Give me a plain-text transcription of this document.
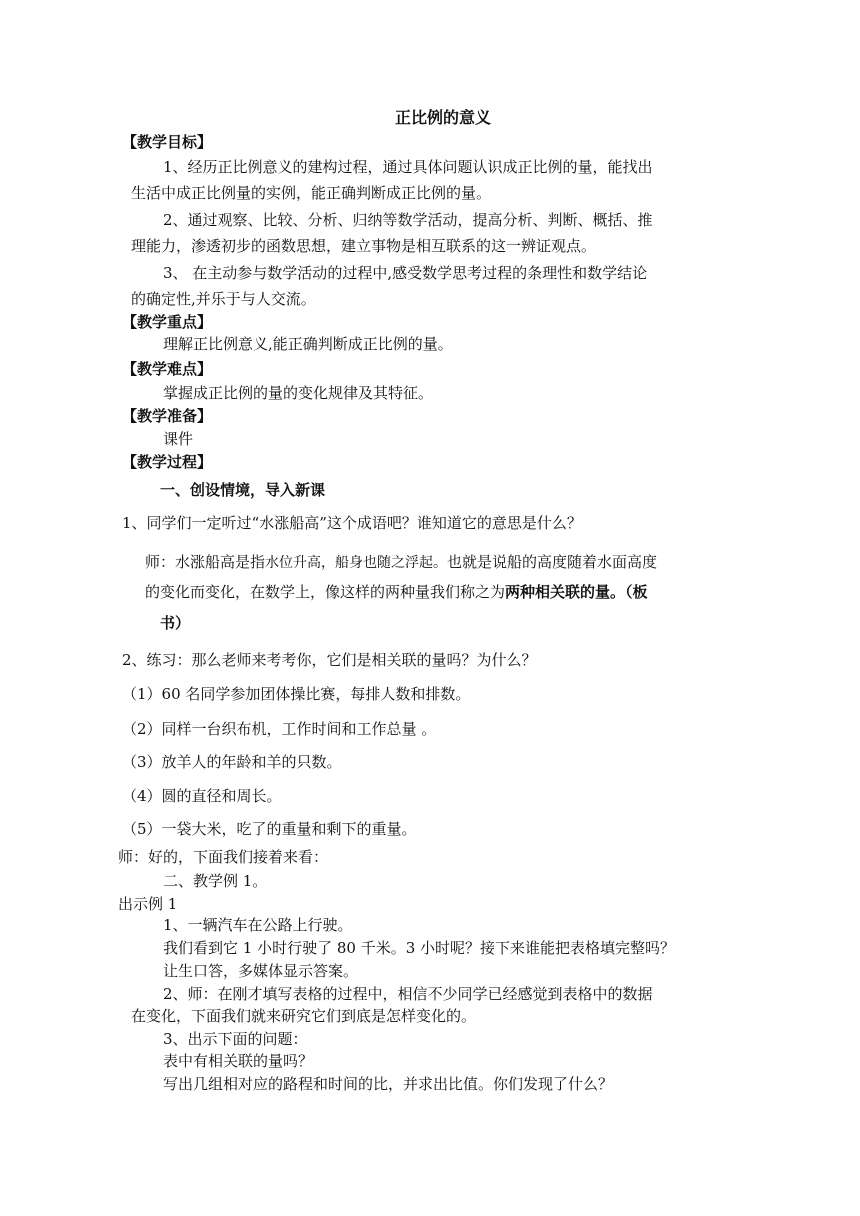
正比例的意义
【教学目标】
1、经历正比例意义的建构过程，通过具体问题认识成正比例的量，能找出
生活中成正比例量的实例，能正确判断成正比例的量。
2、通过观察、比较、分析、归纳等数学活动，提高分析、判断、概括、推
理能力，渗透初步的函数思想，建立事物是相互联系的这一辨证观点。
3、 在主动参与数学活动的过程中,感受数学思考过程的条理性和数学结论
的确定性,并乐于与人交流。
【教学重点】
理解正比例意义,能正确判断成正比例的量。
【教学难点】
掌握成正比例的量的变化规律及其特征。
【教学准备】
课件
【教学过程】
一、创设情境，导入新课
1、同学们一定听过“水涨船高”这个成语吧？谁知道它的意思是什么？
师：水涨船高是指水位升高，船身也随之浮起。也就是说船的高度随着水面高度
的变化而变化，在数学上，像这样的两种量我们称之为两种相关联的量。（板
书）
2、练习：那么老师来考考你，它们是相关联的量吗？为什么？
（1）60 名同学参加团体操比赛，每排人数和排数。
（2）同样一台织布机，工作时间和工作总量 。
（3）放羊人的年龄和羊的只数。
（4）圆的直径和周长。
（5）一袋大米，吃了的重量和剩下的重量。
师：好的，下面我们接着来看：
二、教学例 1。
出示例 1
1、一辆汽车在公路上行驶。
我们看到它 1 小时行驶了 80 千米。3 小时呢？接下来谁能把表格填完整吗？
让生口答，多媒体显示答案。
2、师：在刚才填写表格的过程中，相信不少同学已经感觉到表格中的数据
在变化，下面我们就来研究它们到底是怎样变化的。
3、出示下面的问题：
表中有相关联的量吗？
写出几组相对应的路程和时间的比，并求出比值。你们发现了什么？
